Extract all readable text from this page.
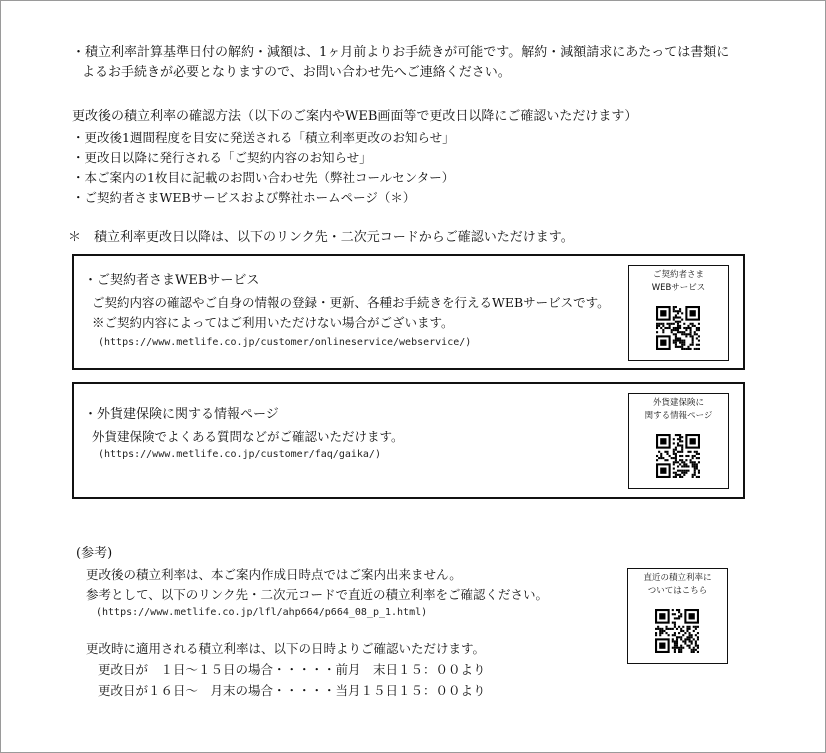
・積立利率計算基準日付の解約・減額は、1ヶ月前よりお手続きが可能です。解約・減額請求にあたっては書類に
よるお手続きが必要となりますので、お問い合わせ先へご連絡ください。
更改後の積立利率の確認方法（以下のご案内やWEB画面等で更改日以降にご確認いただけます）
・更改後1週間程度を目安に発送される「積立利率更改のお知らせ」
・更改日以降に発行される「ご契約内容のお知らせ」
・本ご案内の1枚目に記載のお問い合わせ先（弊社コールセンター）
・ご契約者さまWEBサービスおよび弊社ホームページ（＊）
＊　積立利率更改日以降は、以下のリンク先・二次元コードからご確認いただけます。
・ご契約者さまWEBサービス
ご契約内容の確認やご自身の情報の登録・更新、各種お手続きを行えるWEBサービスです。
※ご契約内容によってはご利用いただけない場合がございます。
(https://www.metlife.co.jp/customer/onlineservice/webservice/)
ご契約者さま
WEBサービス
・外貨建保険に関する情報ページ
外貨建保険でよくある質問などがご確認いただけます。
(https://www.metlife.co.jp/customer/faq/gaika/)
外貨建保険に
関する情報ページ
(参考)
更改後の積立利率は、本ご案内作成日時点ではご案内出来ません。
参考として、以下のリンク先・二次元コードで直近の積立利率をご確認ください。
(https://www.metlife.co.jp/lfl/ahp664/p664_08_p_1.html)
更改時に適用される積立利率は、以下の日時よりご確認いただけます。
更改日が　１日～１５日の場合・・・・・前月　末日１５：００より
更改日が１６日～　月末の場合・・・・・当月１５日１５：００より
直近の積立利率に
ついてはこちら
